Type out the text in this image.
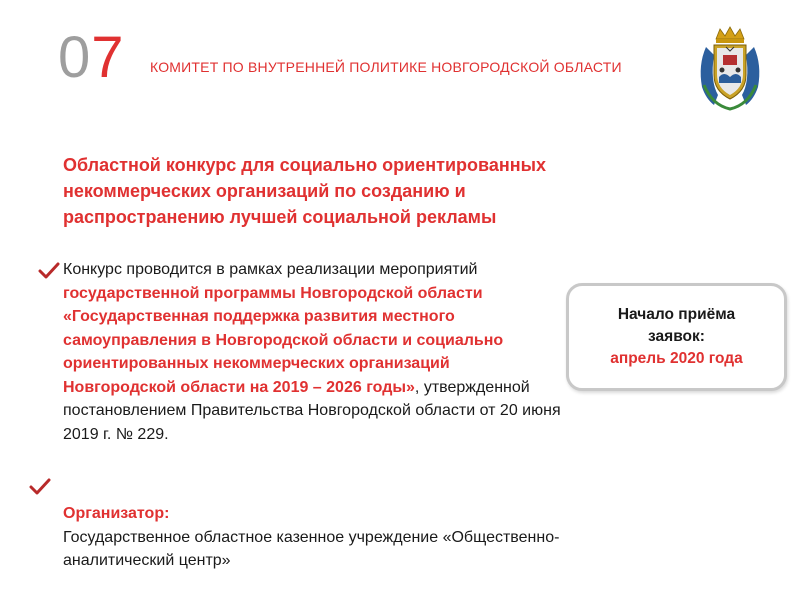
07 КОМИТЕТ ПО ВНУТРЕННЕЙ ПОЛИТИКЕ НОВГОРОДСКОЙ ОБЛАСТИ
Областной конкурс для социально ориентированных
некоммерческих организаций по созданию и
распространению лучшей социальной рекламы

Конкурс проводится в рамках реализации мероприятий государственной программы Новгородской области «Государственная поддержка развития местного самоуправления в Новгородской области и социально ориентированных некоммерческих организаций Новгородской области на 2019 – 2026 годы», утвержденной постановлением Правительства Новгородской области от 20 июня 2019 г. № 229.

Организатор:
Государственное областное казенное учреждение «Общественно-аналитический центр»
Начало приёма
заявок:
апрель 2020 года
